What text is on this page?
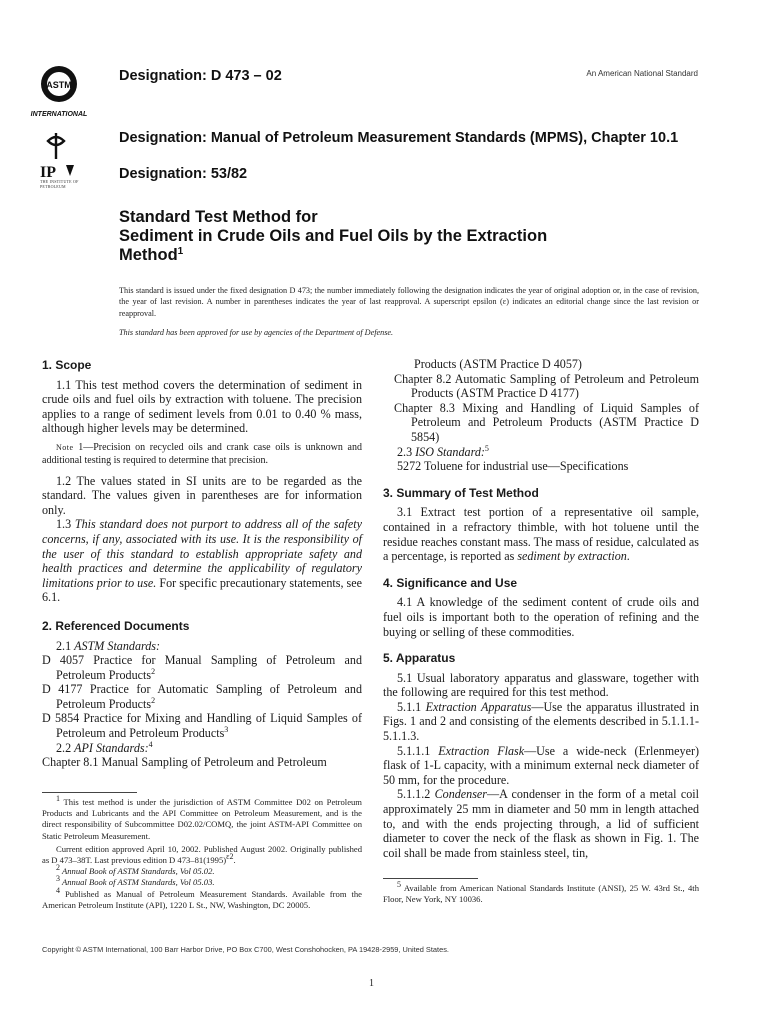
ASTM
INTERNATIONAL
IP
THE INSTITUTE OF PETROLEUM
Designation: D 473 – 02	An American National Standard
Designation: Manual of Petroleum Measurement Standards (MPMS), Chapter 10.1
Designation: 53/82
Standard Test Method for
Sediment in Crude Oils and Fuel Oils by the Extraction
Method$^1$
This standard is issued under the fixed designation D 473; the number immediately following the designation indicates the year of original adoption or, in the case of revision, the year of last revision. A number in parentheses indicates the year of last reapproval. A superscript epsilon (ε) indicates an editorial change since the last revision or reapproval.
This standard has been approved for use by agencies of the Department of Defense.
1. Scope

1.1 This test method covers the determination of sediment in crude oils and fuel oils by extraction with toluene. The precision applies to a range of sediment levels from 0.01 to 0.40 % mass, although higher levels may be determined.

Note 1—Precision on recycled oils and crank case oils is unknown and additional testing is required to determine that precision.

1.2 The values stated in SI units are to be regarded as the standard. The values given in parentheses are for information only.

1.3 This standard does not purport to address all of the safety concerns, if any, associated with its use. It is the responsibility of the user of this standard to establish appropriate safety and health practices and determine the applicability of regulatory limitations prior to use. For specific precautionary statements, see 6.1.

2. Referenced Documents

2.1 ASTM Standards:

D 4057 Practice for Manual Sampling of Petroleum and Petroleum Products$^2$

D 4177 Practice for Automatic Sampling of Petroleum and Petroleum Products$^2$

D 5854 Practice for Mixing and Handling of Liquid Samples of Petroleum and Petroleum Products$^3$

2.2 API Standards:$^4$

Chapter 8.1 Manual Sampling of Petroleum and Petroleum

$^1$ This test method is under the jurisdiction of ASTM Committee D02 on Petroleum Products and Lubricants and the API Committee on Petroleum Measurement, and is the direct responsibility of Subcommittee D02.02/COMQ, the joint ASTM-API Committee on Static Petroleum Measurement.

Current edition approved April 10, 2002. Published August 2002. Originally published as D 473–38T. Last previous edition D $473-81(1995)^{\varepsilon 2}$.

$^2$ Annual Book of ASTM Standards, Vol 05.02.

$^3$ Annual Book of ASTM Standards, Vol 05.03.

$^4$ Published as Manual of Petroleum Measurement Standards. Available from the American Petroleum Institute (API), 1220 L St., NW, Washington, DC 20005.

Products (ASTM Practice D 4057)

Chapter 8.2 Automatic Sampling of Petroleum and Petroleum Products (ASTM Practice D 4177)

Chapter 8.3 Mixing and Handling of Liquid Samples of Petroleum and Petroleum Products (ASTM Practice D 5854)

2.3 ISO Standard:$^5$

5272 Toluene for industrial use—Specifications

3. Summary of Test Method

3.1 Extract test portion of a representative oil sample, contained in a refractory thimble, with hot toluene until the residue reaches constant mass. The mass of residue, calculated as a percentage, is reported as sediment by extraction.

4. Significance and Use

4.1 A knowledge of the sediment content of crude oils and fuel oils is important both to the operation of refining and the buying or selling of these commodities.

5. Apparatus

5.1 Usual laboratory apparatus and glassware, together with the following are required for this test method.

5.1.1 Extraction Apparatus—Use the apparatus illustrated in Figs. 1 and 2 and consisting of the elements described in 5.1.1.1-5.1.1.3.

5.1.1.1 Extraction Flask—Use a wide-neck (Erlenmeyer) flask of 1-L capacity, with a minimum external neck diameter of 50 mm, for the procedure.

5.1.1.2 Condenser—A condenser in the form of a metal coil approximately 25 mm in diameter and 50 mm in length attached to, and with the ends projecting through, a lid of sufficient diameter to cover the neck of the flask as shown in Fig. 1. The coil shall be made from stainless steel, tin,

$^5$ Available from American National Standards Institute (ANSI), 25 W. 43rd St., 4th Floor, New York, NY 10036.

Copyright © ASTM International, 100 Barr Harbor Drive, PO Box C700, West Conshohocken, PA 19428-2959, United States.
1
